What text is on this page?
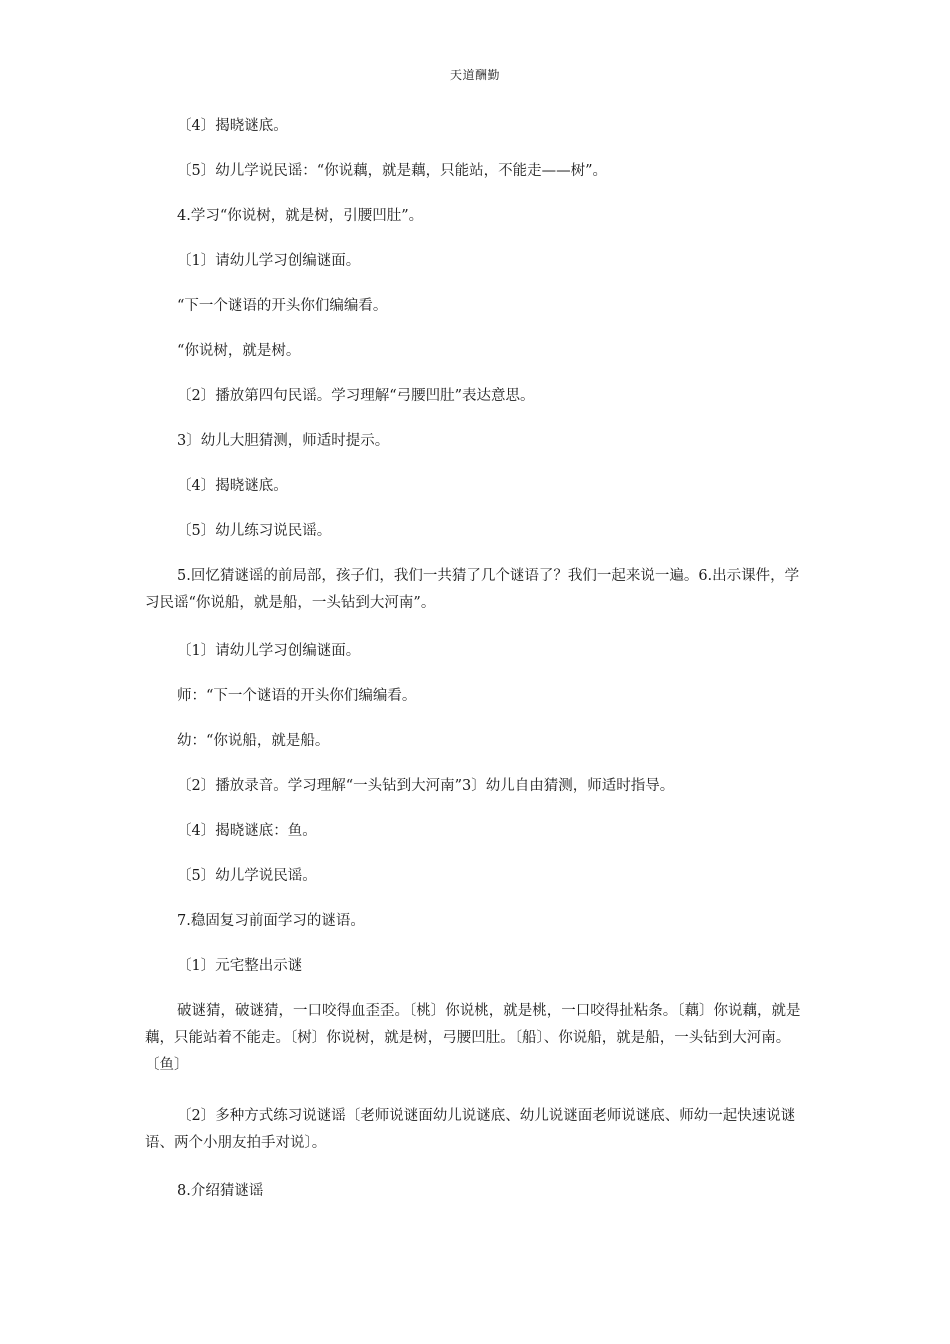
天道酬勤
〔4〕揭晓谜底。
〔5〕幼儿学说民谣：“你说藕，就是藕，只能站，不能走——树”。
4.学习“你说树，就是树，引腰凹肚”。
〔1〕请幼儿学习创编谜面。
“下一个谜语的开头你们编编看。
“你说树，就是树。
〔2〕播放第四句民谣。学习理解“弓腰凹肚”表达意思。
3〕幼儿大胆猜测，师适时提示。
〔4〕揭晓谜底。
〔5〕幼儿练习说民谣。
5.回忆猜谜谣的前局部，孩子们，我们一共猜了几个谜语了？我们一起来说一遍。6.出示课件，学习民谣“你说船，就是船，一头钻到大河南”。
〔1〕请幼儿学习创编谜面。
师：“下一个谜语的开头你们编编看。
幼：“你说船，就是船。
〔2〕播放录音。学习理解“一头钻到大河南”3〕幼儿自由猜测，师适时指导。
〔4〕揭晓谜底：鱼。
〔5〕幼儿学说民谣。
7.稳固复习前面学习的谜语。
〔1〕元宅整出示谜
破谜猜，破谜猜，一口咬得血歪歪。〔桃〕你说桃，就是桃，一口咬得扯粘条。〔藕〕你说藕，就是藕，只能站着不能走。〔树〕你说树，就是树，弓腰凹肚。〔船〕、你说船，就是船，一头钻到大河南。〔鱼〕
〔2〕多种方式练习说谜谣〔老师说谜面幼儿说谜底、幼儿说谜面老师说谜底、师幼一起快速说谜语、两个小朋友拍手对说〕。
8.介绍猜谜谣
